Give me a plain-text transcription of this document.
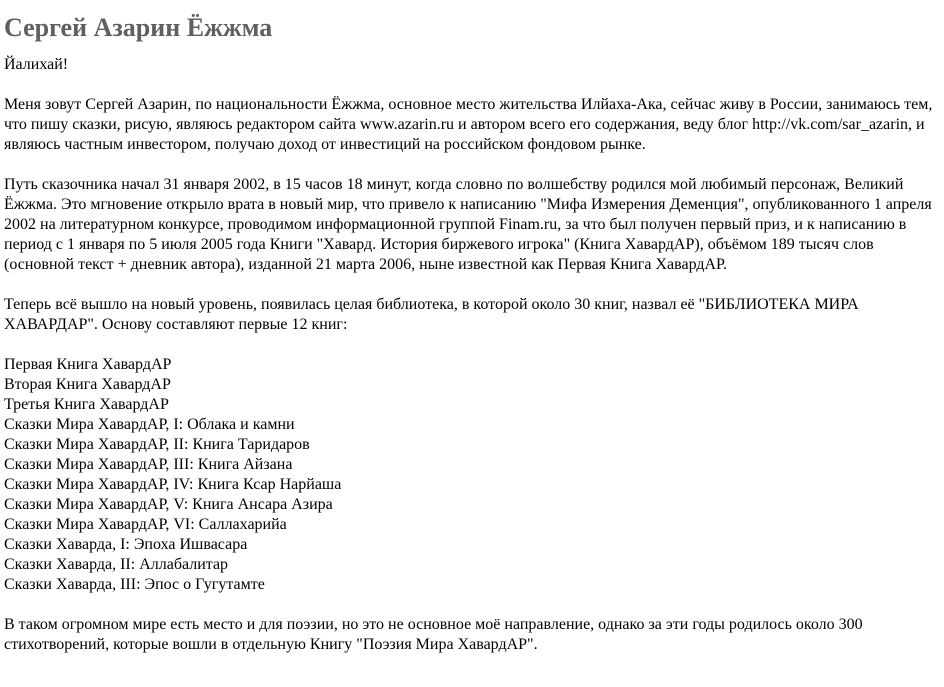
Сергей Азарин Ёжжма

Йалихай!

Меня зовут Сергей Азарин, по национальности Ёжжма, основное место жительства Илйаха-Ака, сейчас живу в России, занимаюсь тем, что пишу сказки, рисую, являюсь редактором сайта www.azarin.ru и автором всего его содержания, веду блог http://vk.com/sar_azarin, и являюсь частным инвестором, получаю доход от инвестиций на российском фондовом рынке.

Путь сказочника начал 31 января 2002, в 15 часов 18 минут, когда словно по волшебству родился мой любимый персонаж, Великий Ёжжма. Это мгновение открыло врата в новый мир, что привело к написанию "Мифа Измерения Деменция", опубликованного 1 апреля 2002 на литературном конкурсе, проводимом информационной группой Finam.ru, за что был получен первый приз, и к написанию в период с 1 января по 5 июля 2005 года Книги "Хавард. История биржевого игрока" (Книга ХавардАР), объёмом 189 тысяч слов (основной текст + дневник автора), изданной 21 марта 2006, ныне известной как Первая Книга ХавардАР.

Теперь всё вышло на новый уровень, появилась целая библиотека, в которой около 30 книг, назвал её "БИБЛИОТЕКА МИРА ХАВАРДАР". Основу составляют первые 12 книг:

Первая Книга ХавардАР
Вторая Книга ХавардАР
Третья Книга ХавардАР
Сказки Мира ХавардАР, I: Облака и камни
Сказки Мира ХавардАР, II: Книга Таридаров
Сказки Мира ХавардАР, III: Книга Айзана
Сказки Мира ХавардАР, IV: Книга Ксар Нарйаша
Сказки Мира ХавардАР, V: Книга Ансара Азира
Сказки Мира ХавардАР, VI: Саллахарийа
Сказки Хаварда, I: Эпоха Ишвасара
Сказки Хаварда, II: Аллабалитар
Сказки Хаварда, III: Эпос о Гугутамте

В таком огромном мире есть место и для поэзии, но это не основное моё направление, однако за эти годы родилось около 300 стихотворений, которые вошли в отдельную Книгу "Поэзия Мира ХавардАР".
